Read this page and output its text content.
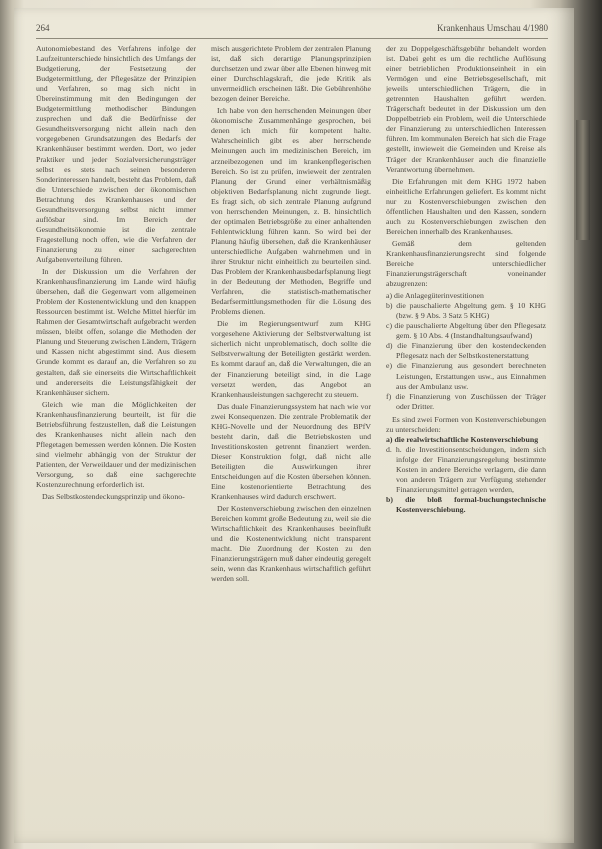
264	Krankenhaus Umschau 4/1980

Autonomiebestand des Verfahrens infolge der Laufzeitunterschiede hinsichtlich des Umfangs der Budgetierung, der Festsetzung der Budgetermittlung, der Pflegesätze der Prinzipien und Verfahren, so mag sich nicht in Übereinstimmung mit den Bedingungen der Budgetermittlung methodischer Bindungen zusprechen und daß die Bedürfnisse der Gesundheitsversorgung nicht allein nach den vorgegebenen Grundsatzungen des Bedarfs der Krankenhäuser bestimmt werden. Dort, wo jeder Praktiker und jeder Sozialversicherungsträger selbst es stets nach seinen besonderen Sonderinteressen handelt, besteht das Problem, daß die Unterschiede zwischen der ökonomischen Betrachtung des Krankenhauses und der Gesundheitsversorgung selbst nicht immer auflösbar sind. Im Bereich der Gesundheitsökonomie ist die zentrale Fragestellung noch offen, wie die Verfahren der Finanzierung zu einer sachgerechten Aufgabenverteilung führen.

In der Diskussion um die Verfahren der Krankenhausfinanzierung im Lande wird häufig übersehen, daß die Gegenwart vom allgemeinen Problem der Kostenentwicklung und den knappen Ressourcen bestimmt ist. Welche Mittel hierfür im Rahmen der Gesamtwirtschaft aufgebracht werden müssen, bleibt offen, solange die Methoden der Planung und Steuerung zwischen Ländern, Trägern und Kassen nicht abgestimmt sind. Aus diesem Grunde kommt es darauf an, die Verfahren so zu gestalten, daß sie einerseits die Wirtschaftlichkeit und andererseits die Leistungsfähigkeit der Krankenhäuser sichern.

Gleich wie man die Möglichkeiten der Krankenhausfinanzierung beurteilt, ist für die Betriebsführung festzustellen, daß die Leistungen des Krankenhauses nicht allein nach den Pflegetagen bemessen werden können. Die Kosten sind vielmehr abhängig von der Struktur der Patienten, der Verweildauer und der medizinischen Versorgung, so daß eine sachgerechte Kostenzurechnung erforderlich ist.

Das Selbstkostendeckungsprinzip und ökono-

misch ausgerichtete Problem der zentralen Planung ist, daß sich derartige Planungsprinzipien durchsetzen und zwar über alle Ebenen hinweg mit einer Durchschlagskraft, die jede Kritik als unvermeidlich erscheinen läßt. Die Gebührenhöhe bezogen deiner Bereiche.

Ich habe von den herrschenden Meinungen über ökonomische Zusammenhänge gesprochen, bei denen ich mich für kompetent halte. Wahrscheinlich gibt es aber herrschende Meinungen auch im medizinischen Bereich, im arzneibezogenen und im krankenpflegerischen Bereich. So ist zu prüfen, inwieweit der zentralen Planung der Grund einer verhältnismäßig objektiven Bedarfsplanung nicht zugrunde liegt. Es fragt sich, ob sich zentrale Planung aufgrund von herrschenden Meinungen, z. B. hinsichtlich der optimalen Betriebsgröße zu einer anhaltenden Fehlentwicklung führen kann. So wird bei der Planung häufig übersehen, daß die Krankenhäuser unterschiedliche Aufgaben wahrnehmen und in ihrer Struktur nicht einheitlich zu beurteilen sind. Das Problem der Krankenhausbedarfsplanung liegt in der Bedeutung der Methoden, Begriffe und Verfahren, die statistisch-mathematischer Bedarfsermittlungsmethoden für die Lösung des Problems dienen.

Die im Regierungsentwurf zum KHG vorgesehene Aktivierung der Selbstverwaltung ist sicherlich nicht unproblematisch, doch sollte die Selbstverwaltung der Beteiligten gestärkt werden. Es kommt darauf an, daß die Verwaltungen, die an der Finanzierung beteiligt sind, in die Lage versetzt werden, das Angebot an Krankenhausleistungen sachgerecht zu steuern.

Das duale Finanzierungssystem hat nach wie vor zwei Konsequenzen. Die zentrale Problematik der KHG-Novelle und der Neuordnung des BPfV besteht darin, daß die Betriebskosten und Investitionskosten getrennt finanziert werden. Dieser Konstruktion folgt, daß nicht alle Beteiligten die Auswirkungen ihrer Entscheidungen auf die Kosten übersehen können. Eine kostenorientierte Betrachtung des Krankenhauses wird dadurch erschwert.

Der Kostenverschiebung zwischen den einzelnen Bereichen kommt große Bedeutung zu, weil sie die Wirtschaftlichkeit des Krankenhauses beeinflußt und die Kostenentwicklung nicht transparent macht. Die Zuordnung der Kosten zu den Finanzierungsträgern muß daher eindeutig geregelt sein, wenn das Krankenhaus wirtschaftlich geführt werden soll.

der zu Doppelgeschäftsgebühr behandelt worden ist. Dabei geht es um die rechtliche Auflösung einer betrieblichen Produktionseinheit in ein Vermögen und eine Betriebsgesellschaft, mit jeweils unterschiedlichen Trägern, die in getrennten Haushalten geführt werden. Trägerschaft bedeutet in der Diskussion um den Doppelbetrieb ein Problem, weil die Unterschiede der Finanzierung zu unterschiedlichen Interessen führen. Im kommunalen Bereich hat sich die Frage gestellt, inwieweit die Gemeinden und Kreise als Träger der Krankenhäuser auch die finanzielle Verantwortung übernehmen.

Die Erfahrungen mit dem KHG 1972 haben einheitliche Erfahrungen geliefert. Es kommt nicht nur zu Kostenverschiebungen zwischen den öffentlichen Haushalten und den Kassen, sondern auch zu Kostenverschiebungen zwischen den Bereichen innerhalb des Krankenhauses.

Gemäß dem geltenden Krankenhausfinanzierungsrecht sind folgende Bereiche unterschiedlicher Finanzierungsträgerschaft voneinander abzugrenzen:

a) die Anlagegüterinvestitionen

b) die pauschalierte Abgeltung gem. § 10 KHG (bzw. § 9 Abs. 3 Satz 5 KHG)

c) die pauschalierte Abgeltung über den Pflegesatz gem. § 10 Abs. 4 (Instandhaltungsaufwand)

d) die Finanzierung über den kostendeckenden Pflegesatz nach der Selbstkostenerstattung

e) die Finanzierung aus gesondert berechneten Leistungen, Erstattungen usw., aus Einnahmen aus der Ambulanz usw.

f) die Finanzierung von Zuschüssen der Träger oder Dritter.

Es sind zwei Formen von Kostenverschiebungen zu unterscheiden:

a) die realwirtschaftliche Kostenverschiebung

d. h. die Investitionsentscheidungen, indem sich infolge der Finanzierungsregelung bestimmte Kosten in andere Bereiche verlagern, die dann von anderen Trägern zur Verfügung stehender Finanzierungsmittel getragen werden,

b) die bloß formal-buchungstechnische Kostenverschiebung.
